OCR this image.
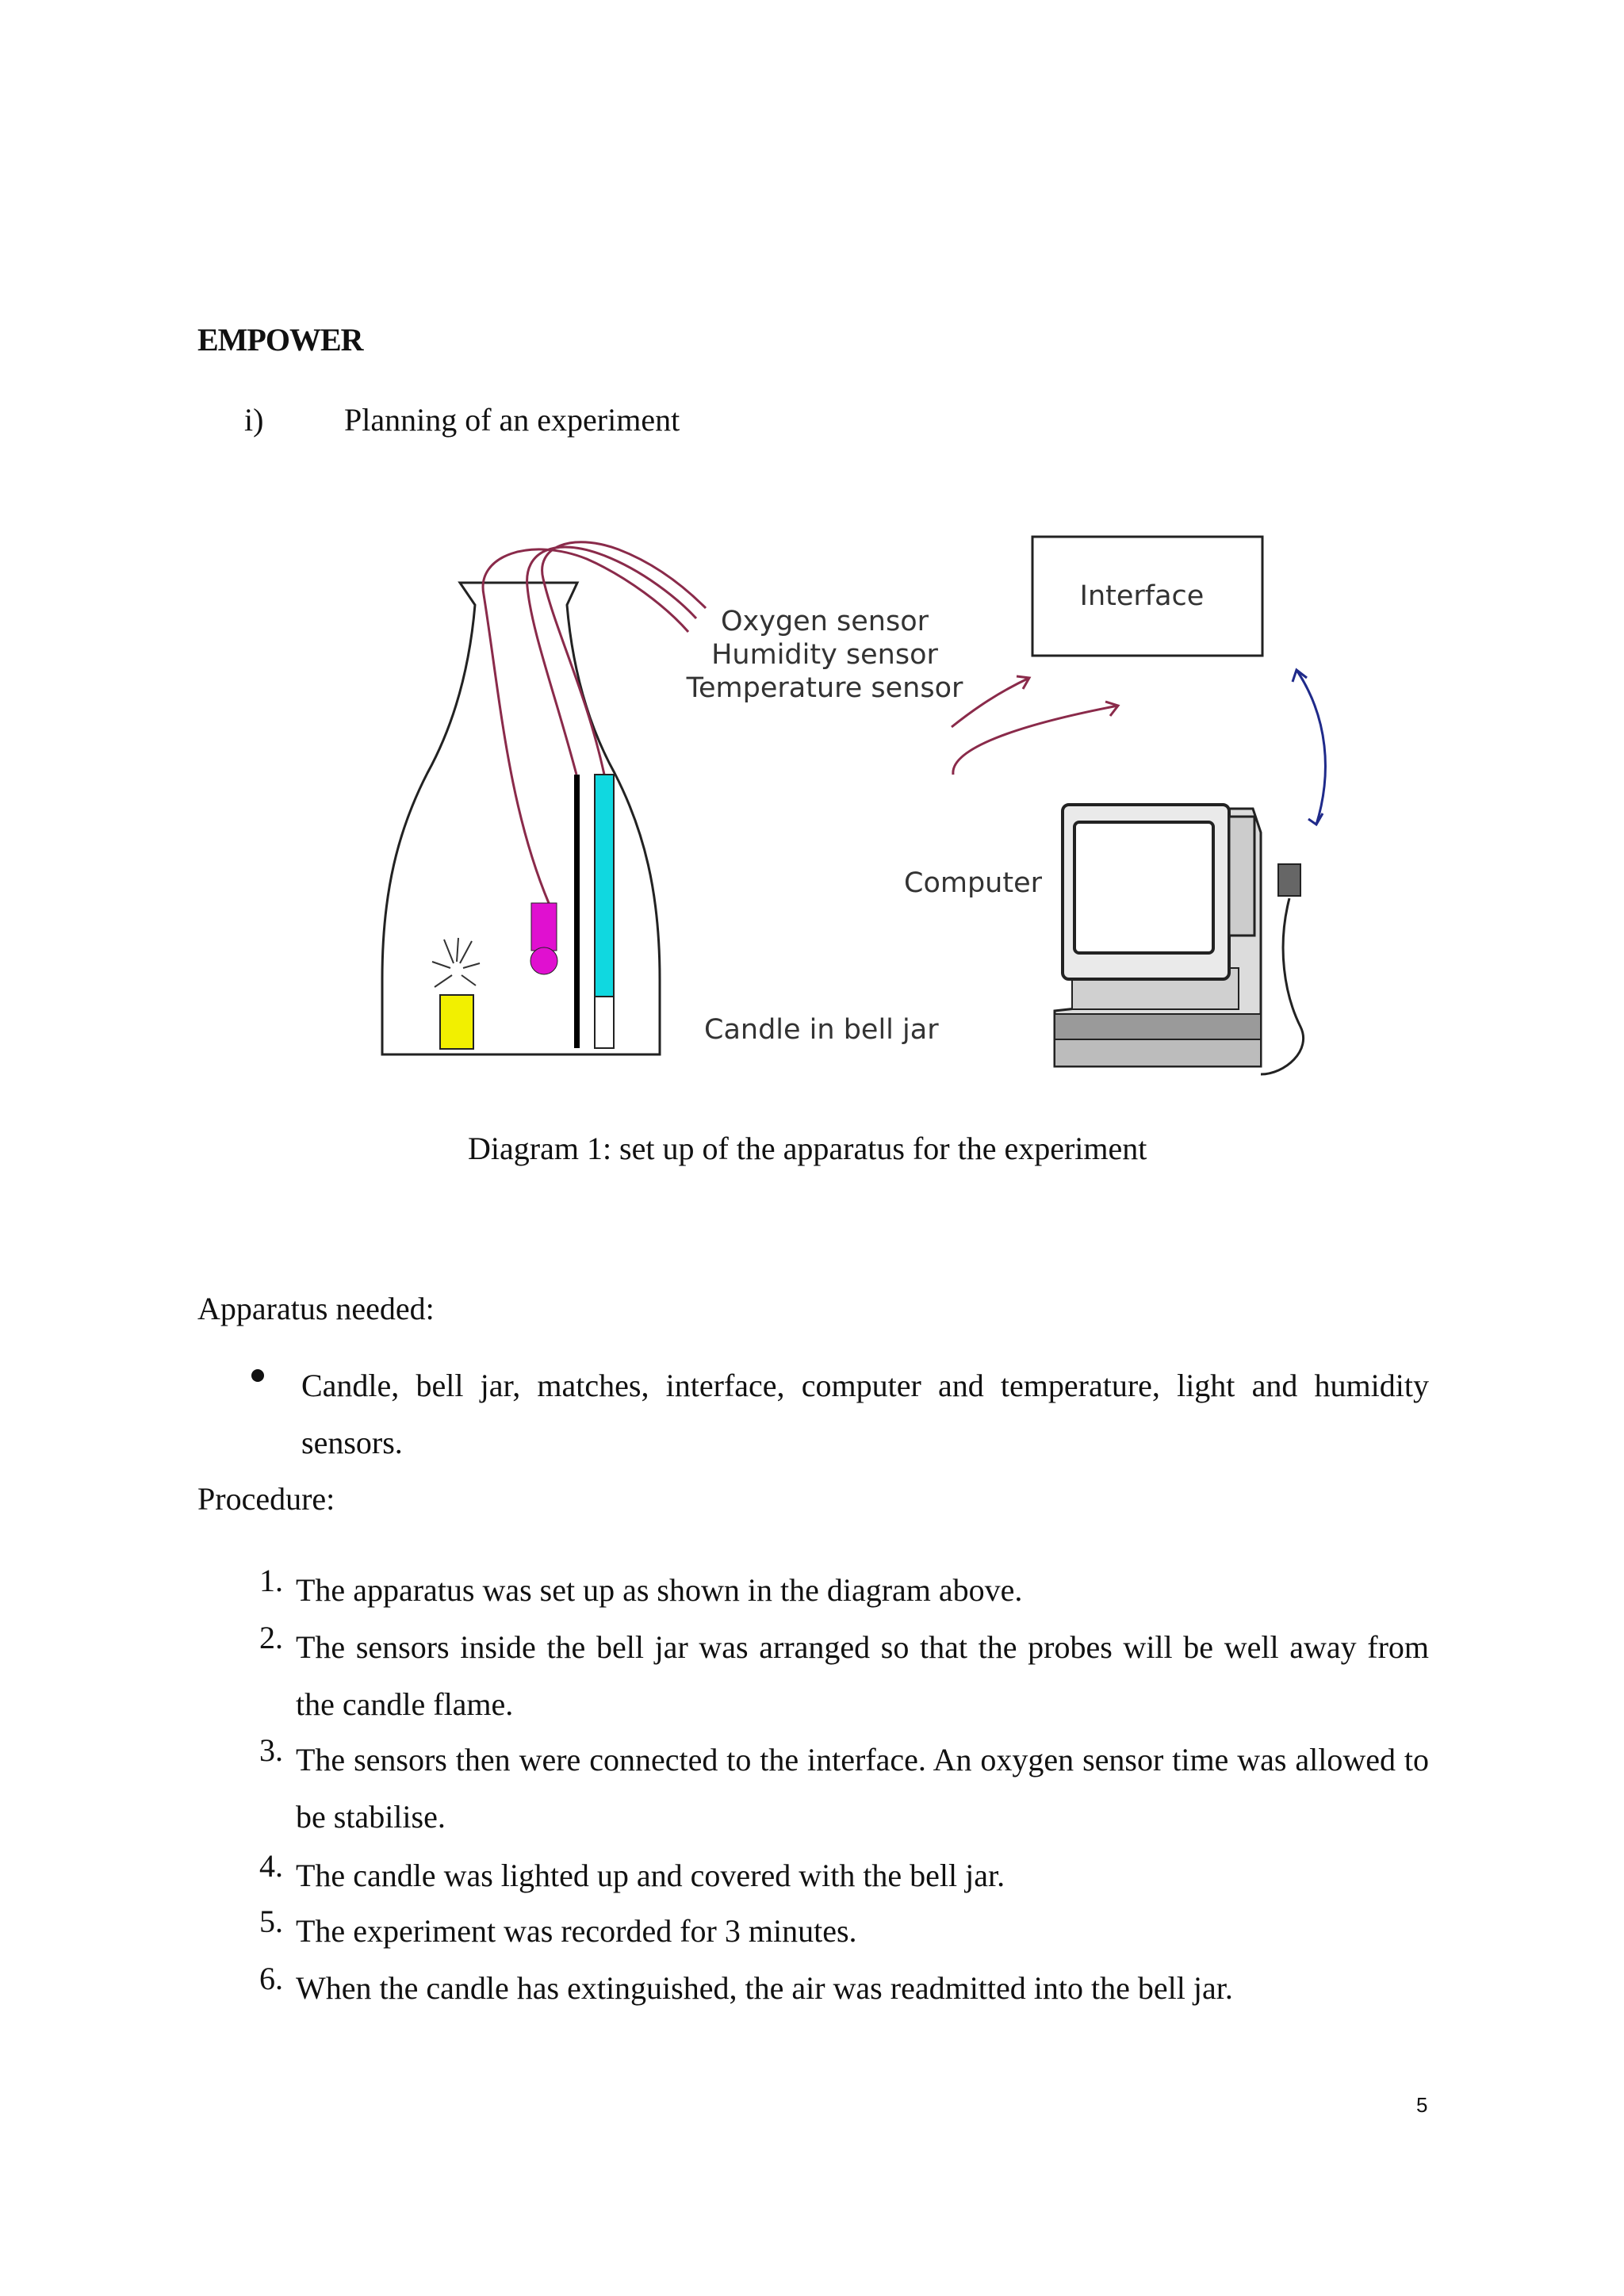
EMPOWER
i)	Planning of an experiment
Oxygen sensor
Humidity sensor
Temperature sensor
Interface
Computer
Candle in bell jar
Diagram 1: set up of the apparatus for the experiment
Apparatus needed:
Candle, bell jar, matches, interface, computer and temperature, light and humidity sensors.
Procedure:
1. The apparatus was set up as shown in the diagram above.
2. The sensors inside the bell jar was arranged so that the probes will be well away from the candle flame.
3. The sensors then were connected to the interface. An oxygen sensor time was allowed to be stabilise.
4. The candle was lighted up and covered with the bell jar.
5. The experiment was recorded for 3 minutes.
6. When the candle has extinguished, the air was readmitted into the bell jar.
5
